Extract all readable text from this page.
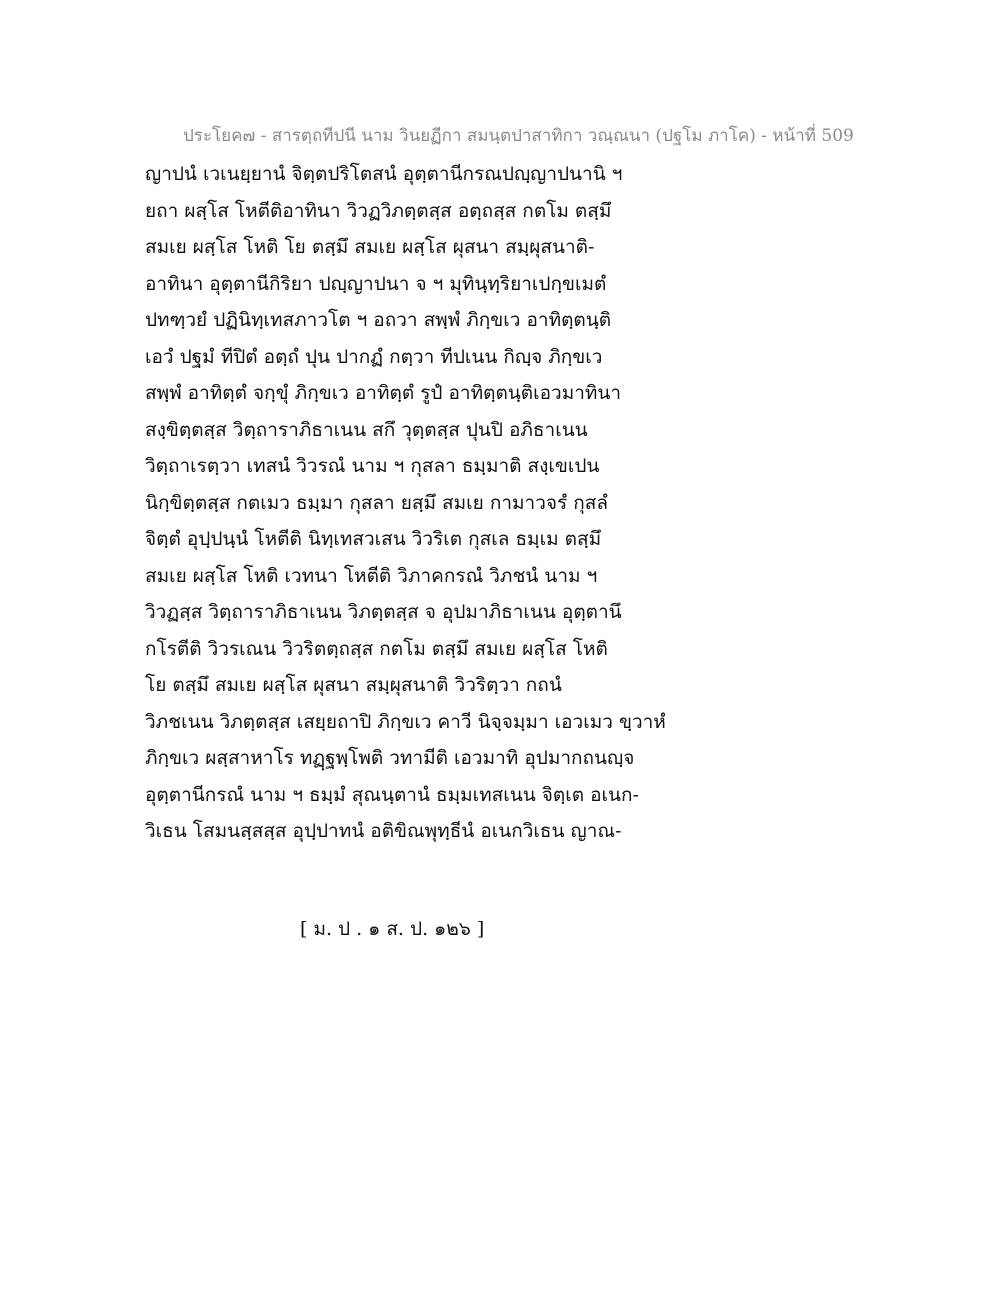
ประโยค๗ - สารตฺถทีปนี นาม วินยฏีกา สมนฺตปาสาทิกา วณฺณนา (ปฐโม ภาโค) - หน้าที่ 509
ญาปนํ เวเนยฺยานํ จิตฺตปริโตสนํ อุตฺตานีกรณปญฺญาปนานิ ฯ
ยถา ผสฺโส โหตีติอาทินา วิวฏวิภตฺตสฺส อตฺถสฺส กตโม ตสฺมึ
สมเย ผสฺโส โหติ โย ตสฺมึ สมเย ผสฺโส ผุสนา สมฺผุสนาติ-
อาทินา อุตฺตานีกิริยา ปญฺญาปนา จ ฯ มุทินฺทฺริยาเปกฺขเมตํ
ปทฑฺวยํ ปฏินิทฺเทสภาวโต ฯ อถวา สพฺพํ ภิกฺขเว อาทิตฺตนฺติ
เอวํ ปฐมํ ทีปิตํ อตฺถํ ปุน ปากฏํ กตฺวา ทีปเนน กิญฺจ ภิกฺขเว
สพฺพํ อาทิตฺตํ จกฺขุํ ภิกฺขเว อาทิตฺตํ รูปํ อาทิตฺตนฺติเอวมาทินา
สงฺขิตฺตสฺส วิตฺถาราภิธาเนน สกึ วุตฺตสฺส ปุนปิ อภิธาเนน
วิตฺถาเรตฺวา เทสนํ วิวรณํ นาม ฯ กุสลา ธมฺมาติ สงฺเขเปน
นิกฺขิตฺตสฺส กตเมว ธมฺมา กุสลา ยสฺมึ สมเย กามาวจรํ กุสลํ
จิตฺตํ อุปฺปนฺนํ โหตีติ นิทฺเทสวเสน วิวริเต กุสเล ธมฺเม ตสฺมึ
สมเย ผสฺโส โหติ เวทนา โหตีติ วิภาคกรณํ วิภชนํ นาม ฯ
วิวฏสฺส วิตฺถาราภิธาเนน วิภตฺตสฺส จ อุปมาภิธาเนน อุตฺตานึ
กโรตีติ วิวรเณน วิวริตตฺถสฺส กตโม ตสฺมึ สมเย ผสฺโส โหติ
โย ตสฺมึ สมเย ผสฺโส ผุสนา สมฺผุสนาติ วิวริตฺวา กถนํ
วิภชเนน วิภตฺตสฺส เสยฺยถาปิ ภิกฺขเว คาวี นิจฺจมฺมา เอวเมว ขฺวาหํ
ภิกฺขเว ผสฺสาหาโร ทฏฺฐพฺโพติ วทามีติ เอวมาทิ อุปมากถนญฺจ
อุตฺตานีกรณํ นาม ฯ ธมฺมํ สุณนฺตานํ ธมฺมเทสเนน จิตฺเต อเนก-
วิเธน โสมนสฺสสฺส อุปฺปาทนํ อติขิณพุทฺธีนํ อเนกวิเธน ญาณ-
[ ม. ป . ๑ ส. ป. ๑๒๖ ]
